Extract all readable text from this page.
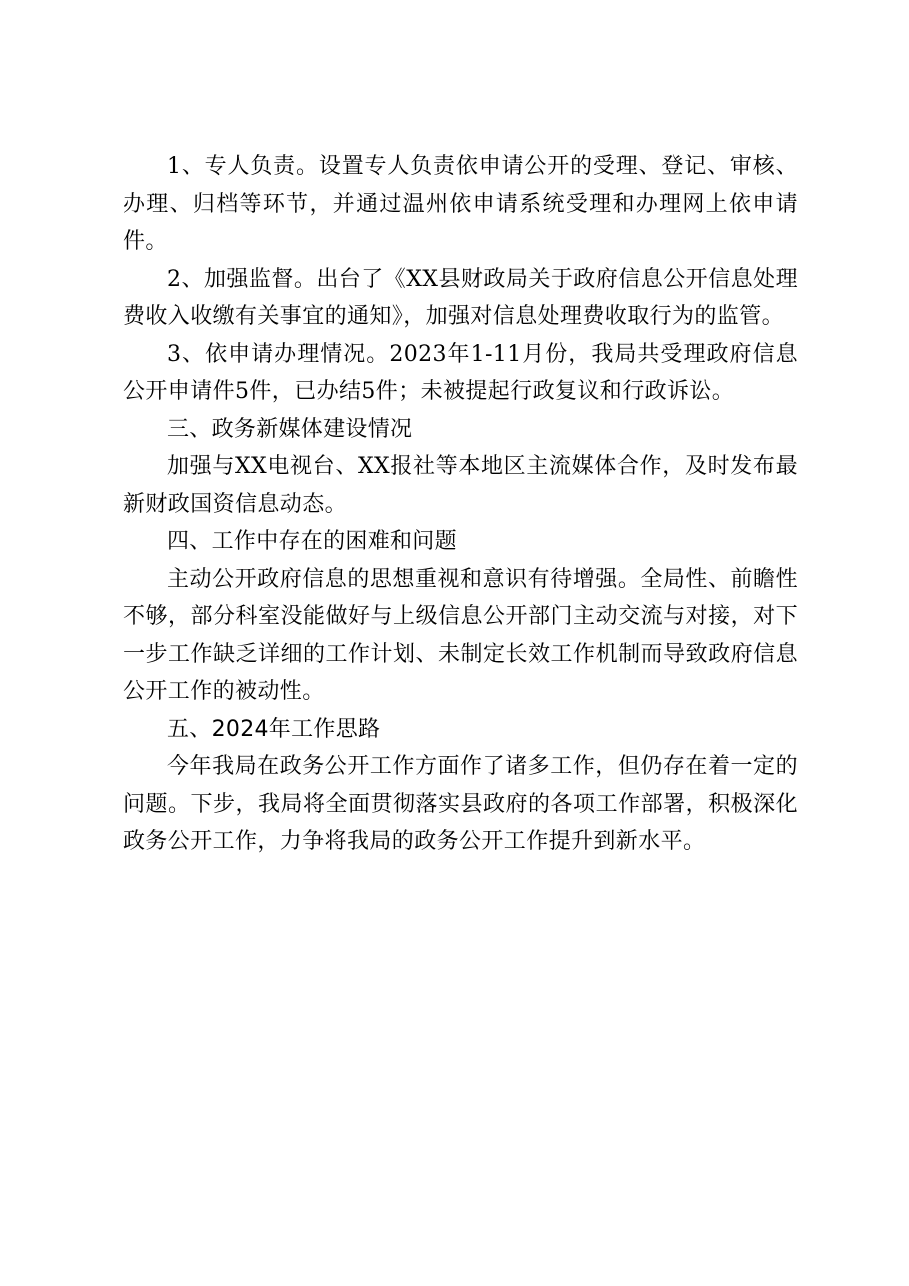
1、专人负责。设置专人负责依申请公开的受理、登记、审核、办理、归档等环节，并通过温州依申请系统受理和办理网上依申请件。

2、加强监督。出台了《XX县财政局关于政府信息公开信息处理费收入收缴有关事宜的通知》，加强对信息处理费收取行为的监管。

3、依申请办理情况。2023年1-11月份，我局共受理政府信息公开申请件5件，已办结5件；未被提起行政复议和行政诉讼。

三、政务新媒体建设情况

加强与XX电视台、XX报社等本地区主流媒体合作，及时发布最新财政国资信息动态。

四、工作中存在的困难和问题

主动公开政府信息的思想重视和意识有待增强。全局性、前瞻性不够，部分科室没能做好与上级信息公开部门主动交流与对接，对下一步工作缺乏详细的工作计划、未制定长效工作机制而导致政府信息公开工作的被动性。

五、2024年工作思路

今年我局在政务公开工作方面作了诸多工作，但仍存在着一定的问题。下步，我局将全面贯彻落实县政府的各项工作部署，积极深化政务公开工作，力争将我局的政务公开工作提升到新水平。
